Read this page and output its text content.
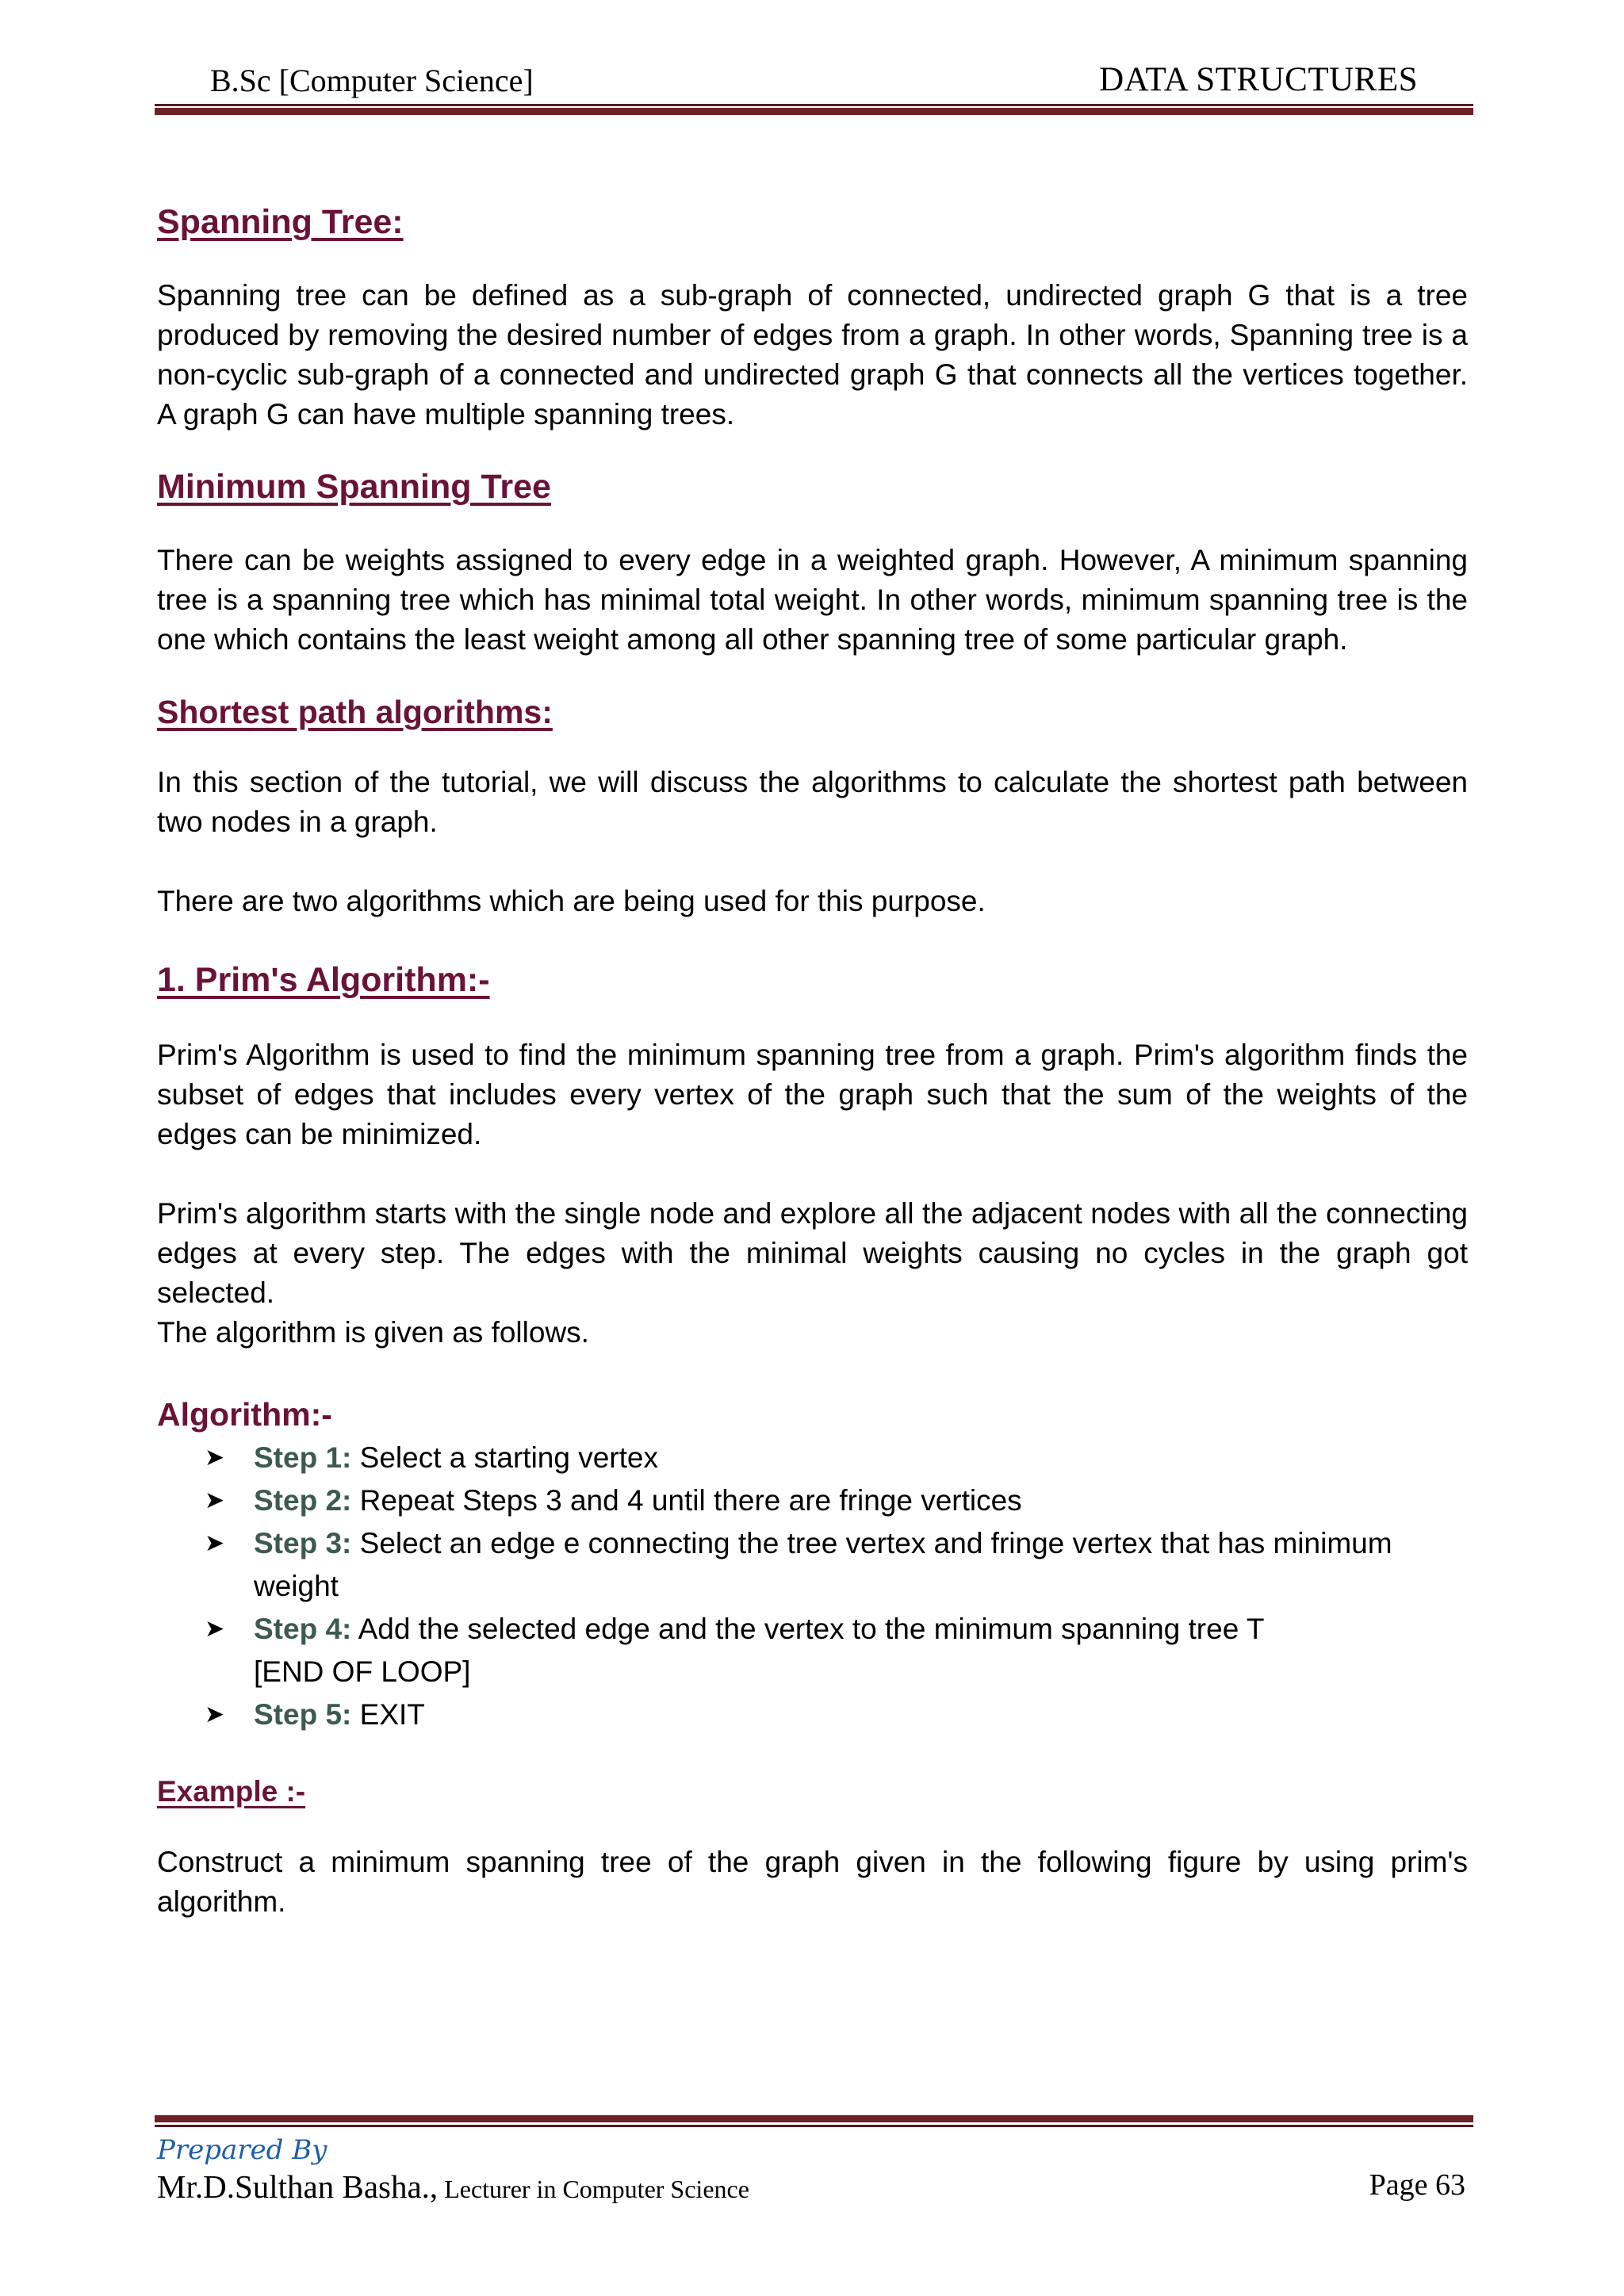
B.Sc [Computer Science]	DATA STRUCTURES
Spanning Tree:

Spanning tree can be defined as a sub-graph of connected, undirected graph G that is a tree produced by removing the desired number of edges from a graph. In other words, Spanning tree is a non-cyclic sub-graph of a connected and undirected graph G that connects all the vertices together. A graph G can have multiple spanning trees.

Minimum Spanning Tree

There can be weights assigned to every edge in a weighted graph. However, A minimum spanning tree is a spanning tree which has minimal total weight. In other words, minimum spanning tree is the one which contains the least weight among all other spanning tree of some particular graph.

Shortest path algorithms:

In this section of the tutorial, we will discuss the algorithms to calculate the shortest path between two nodes in a graph.

There are two algorithms which are being used for this purpose.

1. Prim's Algorithm:-

Prim's Algorithm is used to find the minimum spanning tree from a graph. Prim's algorithm finds the subset of edges that includes every vertex of the graph such that the sum of the weights of the edges can be minimized.

Prim's algorithm starts with the single node and explore all the adjacent nodes with all the connecting edges at every step. The edges with the minimal weights causing no cycles in the graph got selected.

The algorithm is given as follows.

Algorithm:-
➤ Step 1: Select a starting vertex
➤ Step 2: Repeat Steps 3 and 4 until there are fringe vertices
➤ Step 3: Select an edge e connecting the tree vertex and fringe vertex that has minimum weight
➤ Step 4: Add the selected edge and the vertex to the minimum spanning tree T
[END OF LOOP]
➤ Step 5: EXIT
Example :-

Construct a minimum spanning tree of the graph given in the following figure by using prim's algorithm.

Prepared By
Mr.D.Sulthan Basha., Lecturer in Computer Science	Page 63
